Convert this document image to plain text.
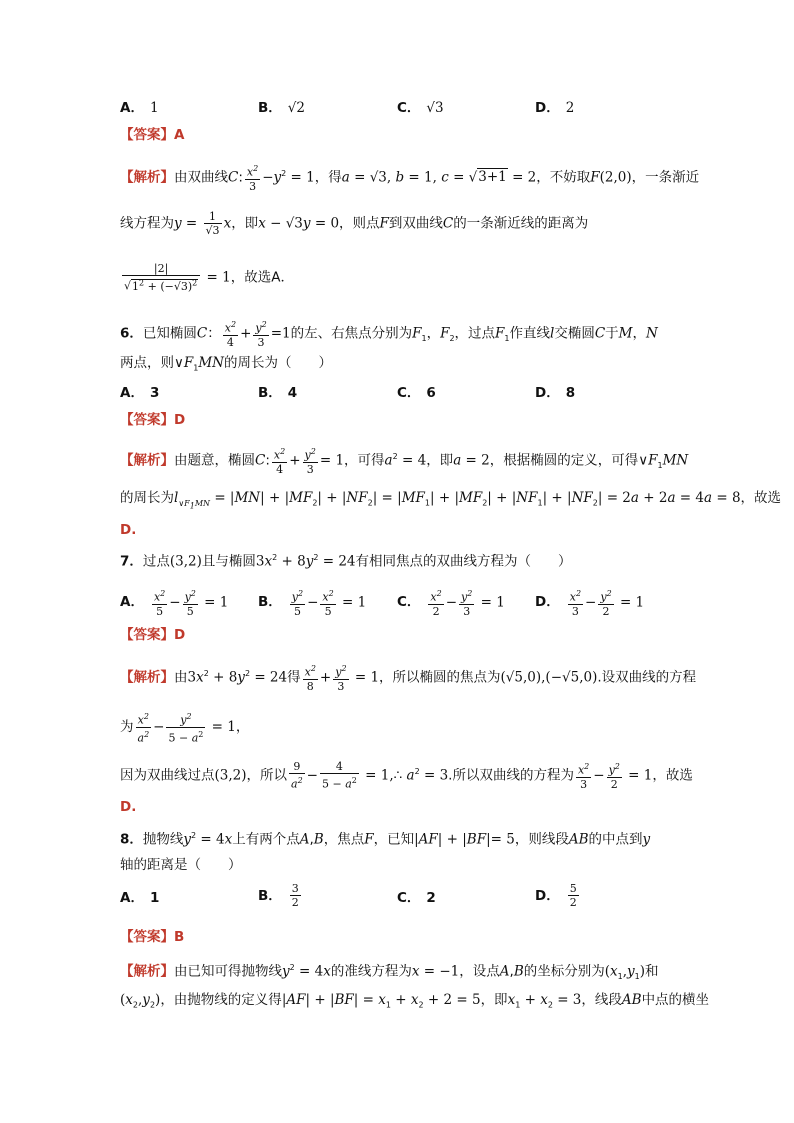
A． 1	B． √2	C． √3	D． 2
【答案】A
【解析】由双曲线C: $\frac{x^2}{3} -y^2 = 1$，得a = √3, b = 1, c = √3+1 = 2，不妨取F(2,0)，一条渐近
线方程为$y = \frac{1}{√3}$ x，即x − √3y = 0，则点F到双曲线C的一条渐近线的距离为
$\frac{|2|}{√1^2 + (-√3)^2} = 1$，故选A．
6．已知椭圆C： $\frac{x^2}{4} + \frac{y^2}{3} =1$的左、右焦点分别为$F_1$，$F_2$，过点$F_1$作直线l交椭圆C于M，N
两点，则$\vee F_1MN$的周长为（　　）
A． 3	B． 4	C． 6	D． 8
【答案】D
【解析】由题意，椭圆C: $\frac{x^2}{4} + \frac{y^2}{3} = 1$，可得$a^2 = 4$，即a = 2，根据椭圆的定义，可得$\vee F_1MN$
的周长为$l_{\vee F_1MN} = |MN| + |MF_2| + |NF_2| = |MF_1| + |MF_2| + |NF_1| + |NF_2| = 2a + 2a = 4a = 8$，故选
D.
7．过点(3,2)且与椭圆$3x^2 + 8y^2 = 24$有相同焦点的双曲线方程为（　　）
A． $\frac{x^2}{5} - \frac{y^2}{5} = 1$ B． $\frac{y^2}{5} - \frac{x^2}{5} = 1$ C． $\frac{x^2}{2} - \frac{y^2}{3} = 1$ D． $\frac{x^2}{3} - \frac{y^2}{2} = 1$
【答案】D
【解析】由$3x^2 + 8y^2 = 24$得 $\frac{x^2}{8} + \frac{y^2}{3} = 1$，所以椭圆的焦点为(√5,0),(−√5,0).设双曲线的方程
为 $\frac{x^2}{a^2} - \frac{y^2}{5 - a^2} = 1$，
因为双曲线过点(3,2)，所以 $\frac{9}{a^2} - \frac{4}{5 - a^2}$ = 1,∴ $a^2 = 3$.所以双曲线的方程为 $\frac{x^2}{3} - \frac{y^2}{2} = 1$，故选
D.
8．抛物线$y^2 = 4x$上有两个点A,B，焦点F，已知|AF| + |BF|= 5，则线段AB的中点到y
轴的距离是（　　）
A． 1	B． $\frac{3}{2}$	C． 2	D． $\frac{5}{2}$
【答案】B
【解析】由已知可得抛物线$y^2 = 4x$的准线方程为x = −1，设点A,B的坐标分别为$(x_1,y_1)$和
$(x_2,y_2)$，由抛物线的定义得$|AF| + |BF| = x_1 + x_2 + 2 = 5$，即$x_1 + x_2 = 3$，线段AB中点的横坐
